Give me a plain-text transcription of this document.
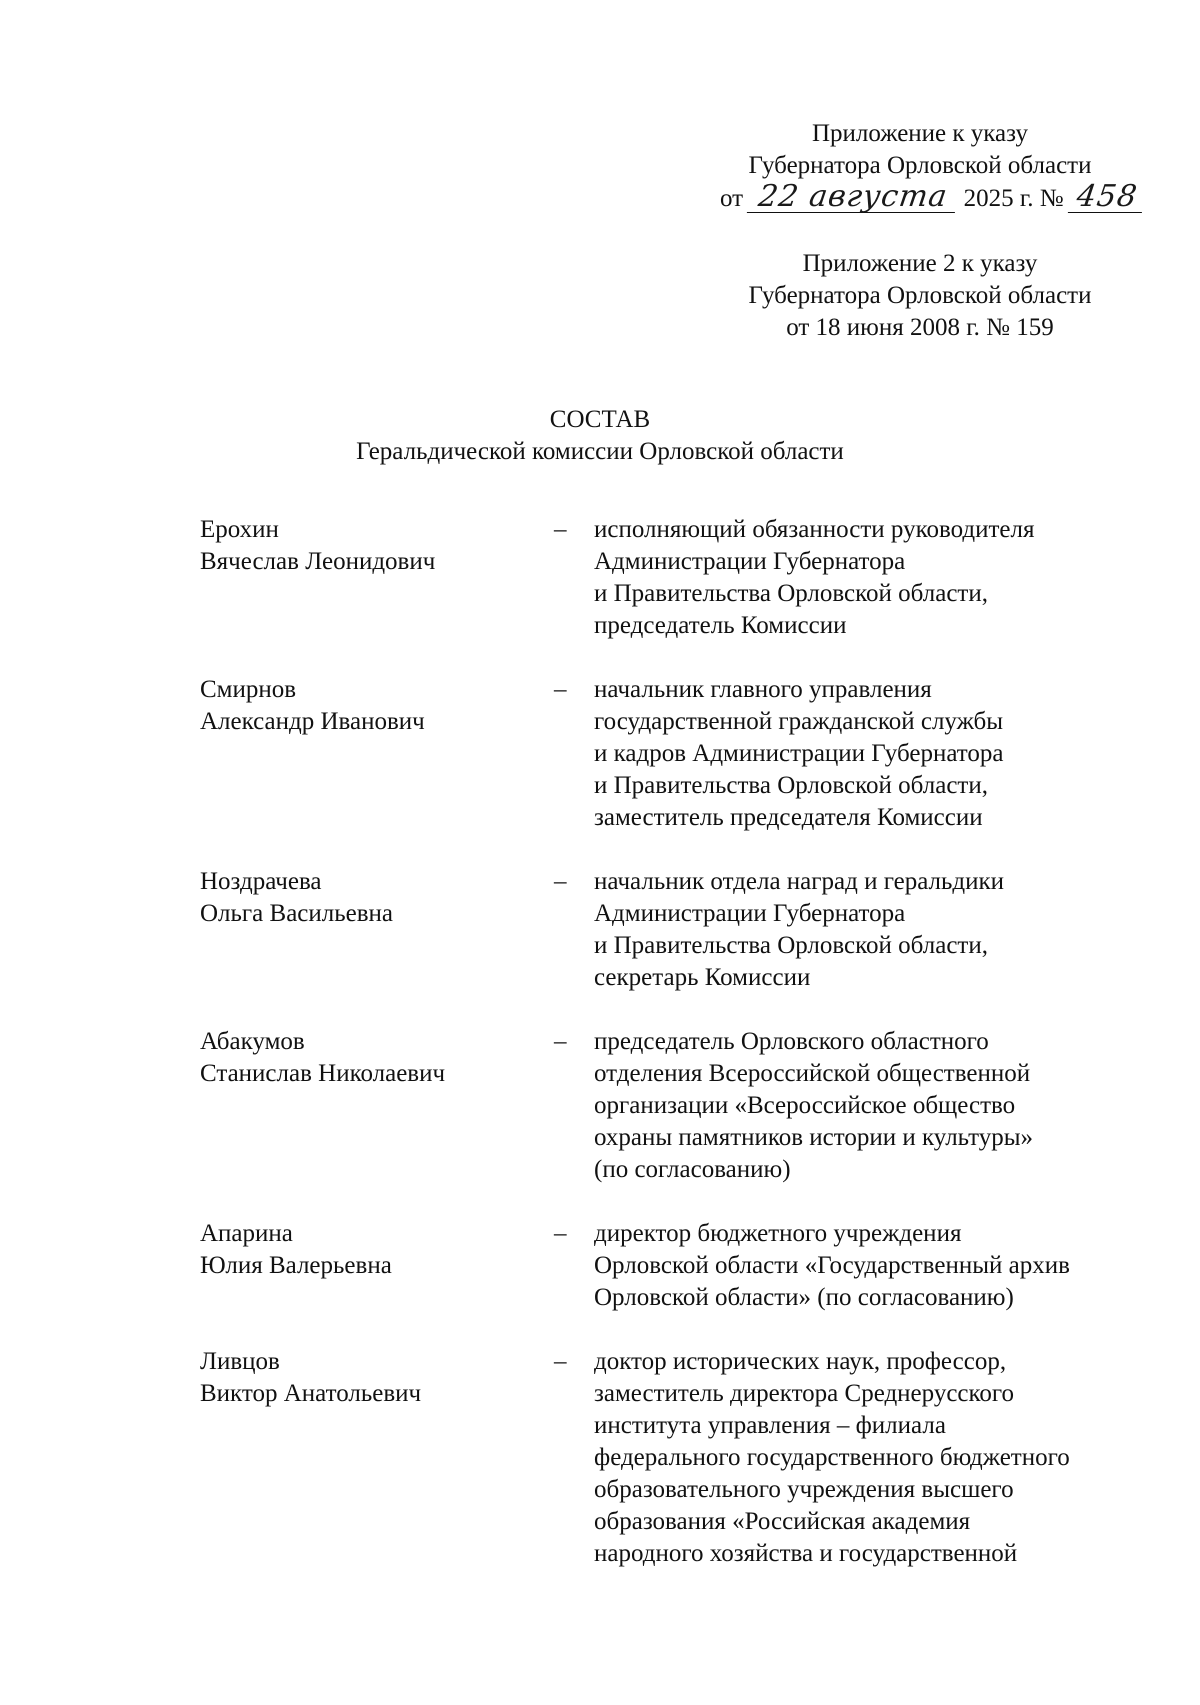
Приложение к указу
Губернатора Орловской области
от 22 августа 2025 г. № 458
Приложение 2 к указу
Губернатора Орловской области
от 18 июня 2008 г. № 159
СОСТАВ
Геральдической комиссии Орловской области
Ерохин
Вячеслав Леонидович
–	исполняющий обязанности руководителя
Администрации Губернатора
и Правительства Орловской области,
председатель Комиссии
Смирнов
Александр Иванович
–	начальник главного управления
государственной гражданской службы
и кадров Администрации Губернатора
и Правительства Орловской области,
заместитель председателя Комиссии
Ноздрачева
Ольга Васильевна
–	начальник отдела наград и геральдики
Администрации Губернатора
и Правительства Орловской области,
секретарь Комиссии
Абакумов
Станислав Николаевич
–	председатель Орловского областного
отделения Всероссийской общественной
организации «Всероссийское общество
охраны памятников истории и культуры»
(по согласованию)
Апарина
Юлия Валерьевна
–	директор бюджетного учреждения
Орловской области «Государственный архив
Орловской области» (по согласованию)
Ливцов
Виктор Анатольевич
–	доктор исторических наук, профессор,
заместитель директора Среднерусского
института управления – филиала
федерального государственного бюджетного
образовательного учреждения высшего
образования «Российская академия
народного хозяйства и государственной
